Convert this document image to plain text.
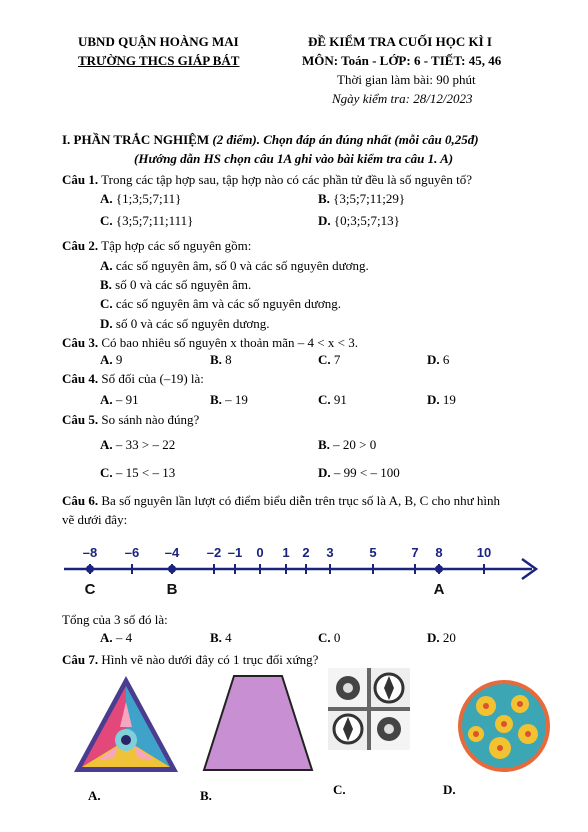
UBND QUẬN HOÀNG MAI
TRƯỜNG THCS GIÁP BÁT
ĐỀ KIỂM TRA CUỐI HỌC KÌ I
MÔN: Toán - LỚP: 6 - TIẾT: 45, 46
Thời gian làm bài: 90 phút
Ngày kiểm tra: 28/12/2023
I. PHẦN TRẮC NGHIỆM (2 điểm). Chọn đáp án đúng nhất (mỗi câu 0,25đ)
(Hướng dẫn HS chọn câu 1A ghi vào bài kiểm tra câu 1. A)
Câu 1. Trong các tập hợp sau, tập hợp nào có các phần tử đều là số nguyên tố?
A. {1;3;5;7;11}	B. {3;5;7;11;29}
C. {3;5;7;11;111}	D. {0;3;5;7;13}
Câu 2. Tập hợp các số nguyên gồm:
A. các số nguyên âm, số 0 và các số nguyên dương.
B. số 0 và các số nguyên âm.
C. các số nguyên âm và các số nguyên dương.
D. số 0 và các số nguyên dương.
Câu 3. Có bao nhiêu số nguyên x thoản mãn – 4 < x < 3.
A. 9	B. 8	C. 7	D. 6
Câu 4. Số đối của (–19) là:
A. – 91	B. – 19	C. 91	D. 19
Câu 5. So sánh nào đúng?
A. – 33 > – 22	B. – 20 > 0
C. – 15 < – 13	D. – 99 < – 100
Câu 6. Ba số nguyên lần lượt có điểm biểu diễn trên trục số là A, B, C cho như hình
vẽ dưới đây:
–8 –6 –4 –2 –1 0 1 2 3	5	7 8	10
C	B	A
Tổng của 3 số đó là:
A. – 4	B. 4	C. 0	D. 20
Câu 7. Hình vẽ nào dưới đây có 1 trục đối xứng?
A.	B.	C.	D.
